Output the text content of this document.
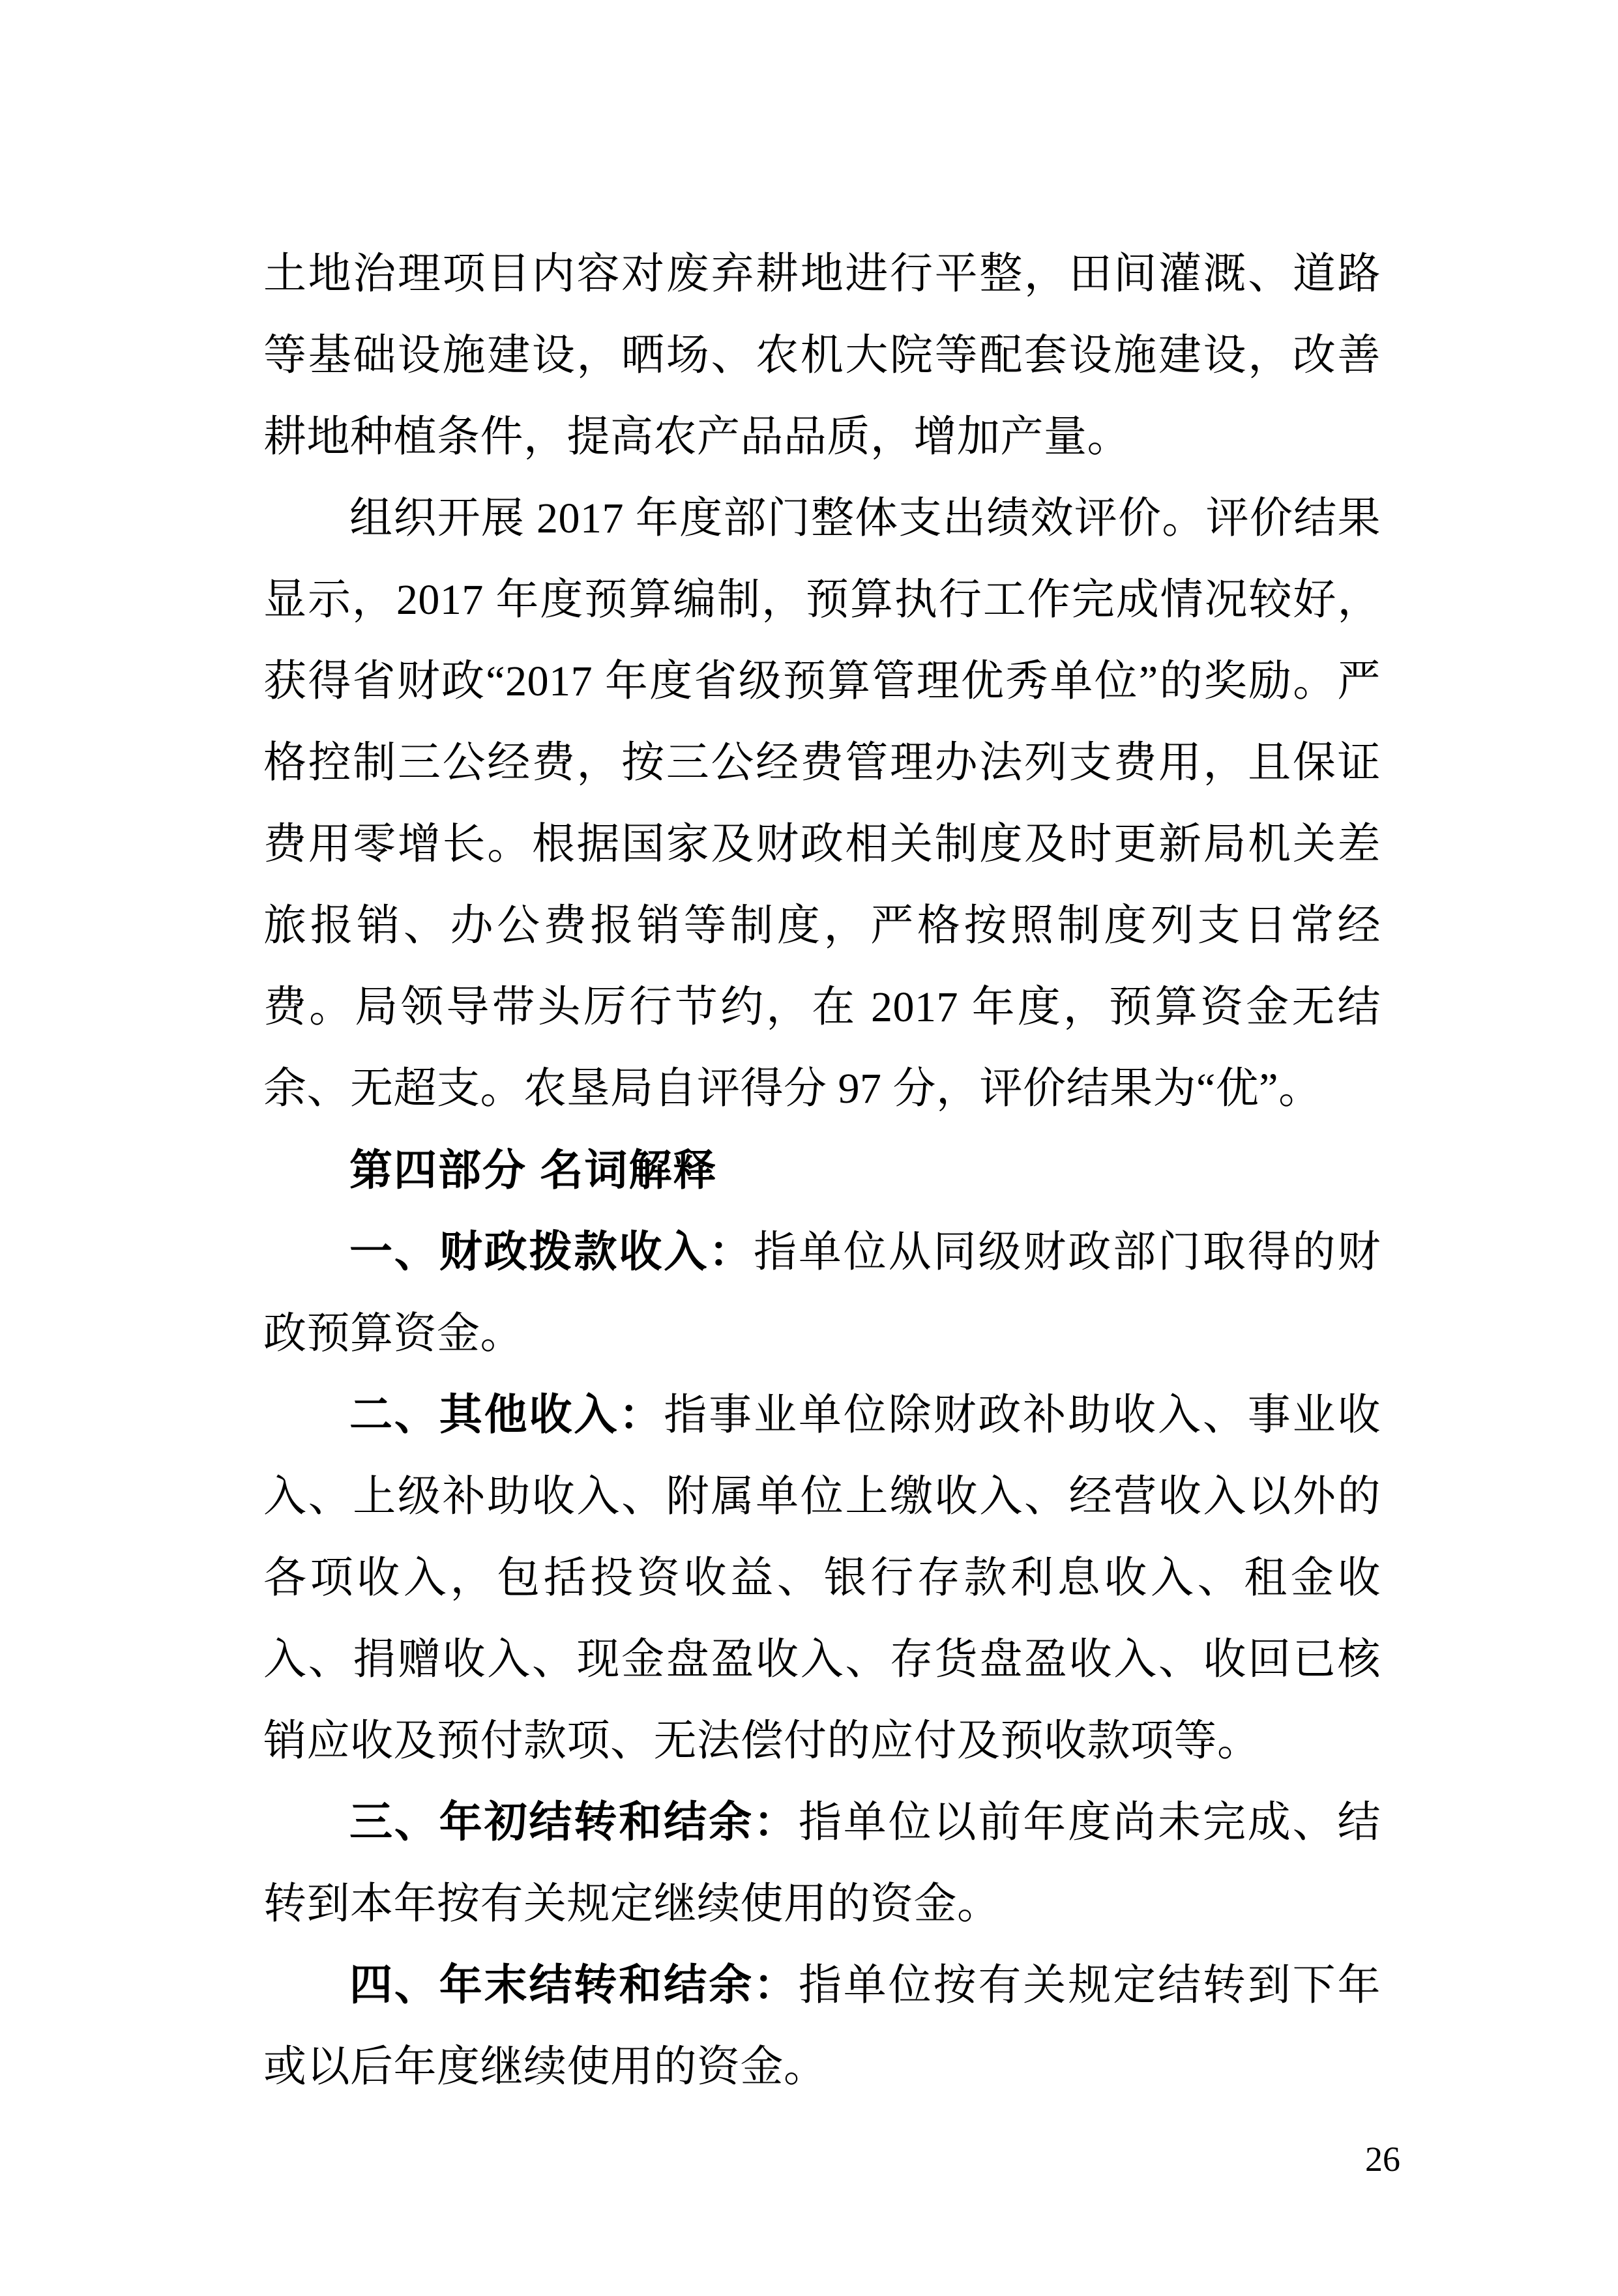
土地治理项目内容对废弃耕地进行平整，田间灌溉、道路等基础设施建设，晒场、农机大院等配套设施建设，改善耕地种植条件，提高农产品品质，增加产量。

组织开展 2017 年度部门整体支出绩效评价。评价结果显示，2017 年度预算编制，预算执行工作完成情况较好，获得省财政“2017 年度省级预算管理优秀单位”的奖励。严格控制三公经费，按三公经费管理办法列支费用，且保证费用零增长。根据国家及财政相关制度及时更新局机关差旅报销、办公费报销等制度，严格按照制度列支日常经费。局领导带头厉行节约，在 2017 年度，预算资金无结余、无超支。农垦局自评得分 97 分，评价结果为“优”。

第四部分 名词解释

一、财政拨款收入：指单位从同级财政部门取得的财政预算资金。

二、其他收入：指事业单位除财政补助收入、事业收入、上级补助收入、附属单位上缴收入、经营收入以外的各项收入，包括投资收益、银行存款利息收入、租金收入、捐赠收入、现金盘盈收入、存货盘盈收入、收回已核销应收及预付款项、无法偿付的应付及预收款项等。

三、年初结转和结余：指单位以前年度尚未完成、结转到本年按有关规定继续使用的资金。

四、年末结转和结余：指单位按有关规定结转到下年或以后年度继续使用的资金。

26
